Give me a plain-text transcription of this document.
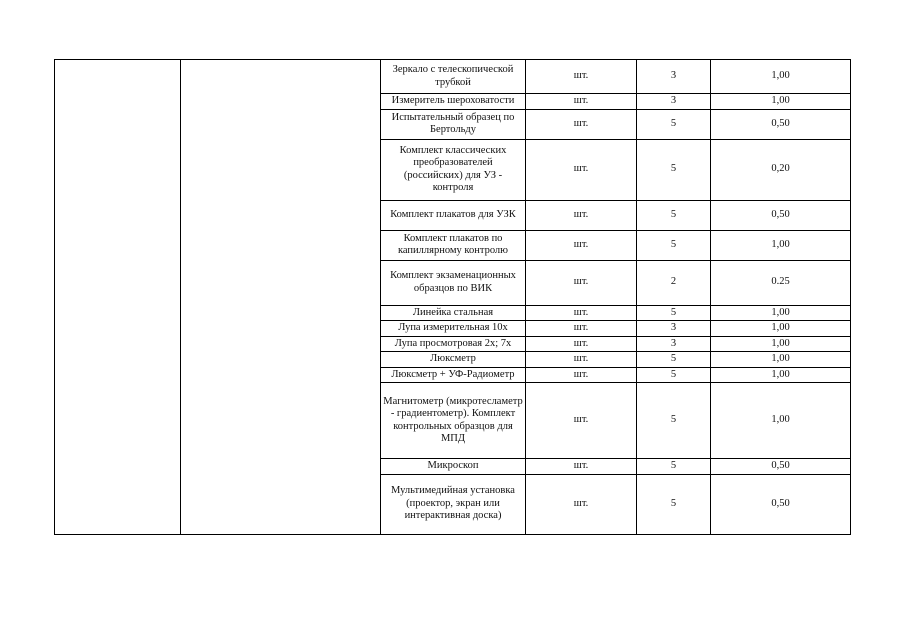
		Зеркало с телескопической трубкой	шт.	3	1,00
		Измеритель шероховатости	шт.	3	1,00
		Испытательный образец по Бертольду	шт.	5	0,50
		Комплект классических преобразователей (российских) для УЗ - контроля	шт.	5	0,20
		Комплект плакатов для УЗК	шт.	5	0,50
		Комплект плакатов по капиллярному контролю	шт.	5	1,00
		Комплект экзаменационных образцов по ВИК	шт.	2	0.25
		Линейка стальная	шт.	5	1,00
		Лупа измерительная 10х	шт.	3	1,00
		Лупа просмотровая 2х; 7х	шт.	3	1,00
		Люксметр	шт.	5	1,00
		Люксметр + УФ-Радиометр	шт.	5	1,00
		Магнитометр (микротесламетр - градиентометр). Комплект контрольных образцов для МПД	шт.	5	1,00
		Микроскоп	шт.	5	0,50
		Мультимедийная установка (проектор, экран или интерактивная доска)	шт.	5	0,50
